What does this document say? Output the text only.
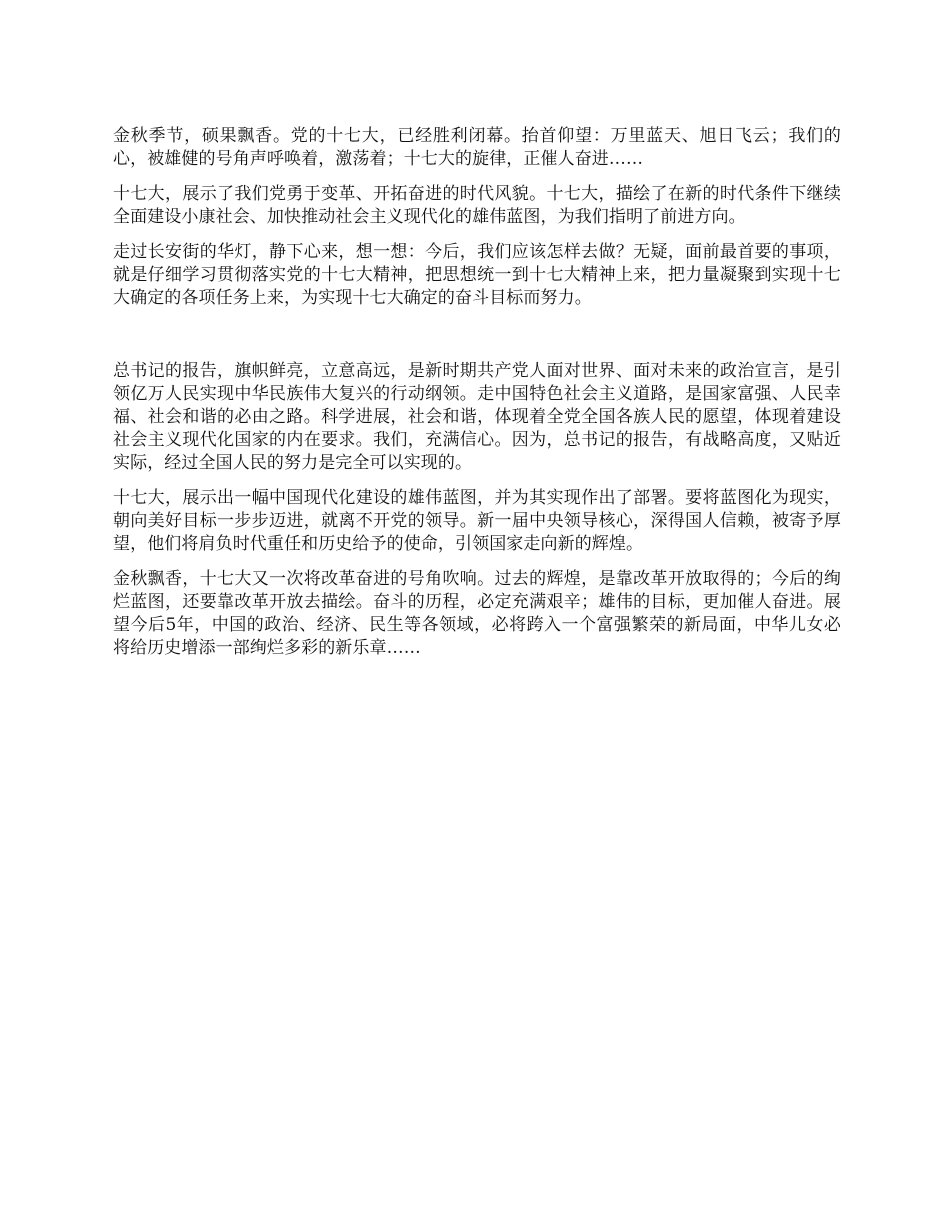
金秋季节，硕果飘香。党的十七大，已经胜利闭幕。抬首仰望：万里蓝天、旭日飞云；我们的心，被雄健的号角声呼唤着，激荡着；十七大的旋律，正催人奋进……

十七大，展示了我们党勇于变革、开拓奋进的时代风貌。十七大，描绘了在新的时代条件下继续全面建设小康社会、加快推动社会主义现代化的雄伟蓝图，为我们指明了前进方向。

走过长安街的华灯，静下心来，想一想：今后，我们应该怎样去做？无疑，面前最首要的事项，就是仔细学习贯彻落实党的十七大精神，把思想统一到十七大精神上来，把力量凝聚到实现十七大确定的各项任务上来，为实现十七大确定的奋斗目标而努力。

总书记的报告，旗帜鲜亮，立意高远，是新时期共产党人面对世界、面对未来的政治宣言，是引领亿万人民实现中华民族伟大复兴的行动纲领。走中国特色社会主义道路，是国家富强、人民幸福、社会和谐的必由之路。科学进展，社会和谐，体现着全党全国各族人民的愿望，体现着建设社会主义现代化国家的内在要求。我们，充满信心。因为，总书记的报告，有战略高度，又贴近实际，经过全国人民的努力是完全可以实现的。

十七大，展示出一幅中国现代化建设的雄伟蓝图，并为其实现作出了部署。要将蓝图化为现实，朝向美好目标一步步迈进，就离不开党的领导。新一届中央领导核心，深得国人信赖，被寄予厚望，他们将肩负时代重任和历史给予的使命，引领国家走向新的辉煌。

金秋飘香，十七大又一次将改革奋进的号角吹响。过去的辉煌，是靠改革开放取得的；今后的绚烂蓝图，还要靠改革开放去描绘。奋斗的历程，必定充满艰辛；雄伟的目标，更加催人奋进。展望今后5年，中国的政治、经济、民生等各领域，必将跨入一个富强繁荣的新局面，中华儿女必将给历史增添一部绚烂多彩的新乐章……
